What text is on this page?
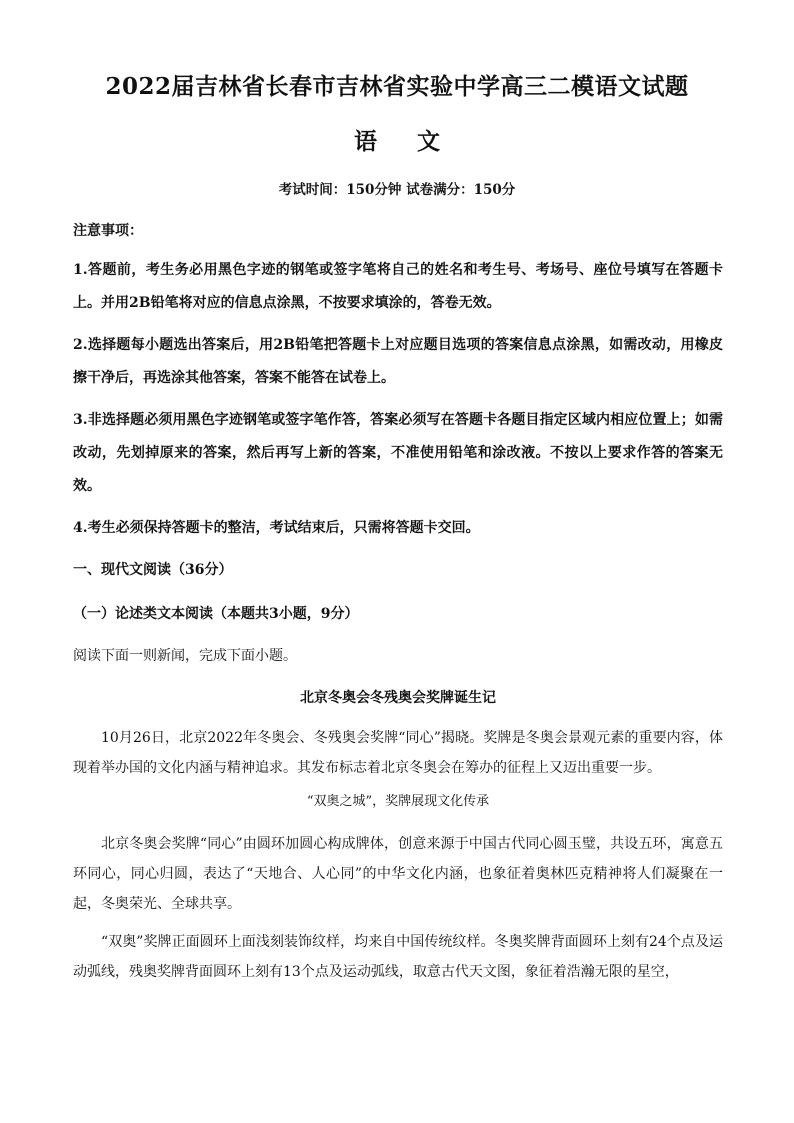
2022届吉林省长春市吉林省实验中学高三二模语文试题
语文
考试时间：150分钟 试卷满分：150分

注意事项：

1.答题前，考生务必用黑色字迹的钢笔或签字笔将自己的姓名和考生号、考场号、座位号填写在答题卡上。并用2B铅笔将对应的信息点涂黑，不按要求填涂的，答卷无效。

2.选择题每小题选出答案后，用2B铅笔把答题卡上对应题目选项的答案信息点涂黑，如需改动，用橡皮擦干净后，再选涂其他答案，答案不能答在试卷上。

3.非选择题必须用黑色字迹钢笔或签字笔作答，答案必须写在答题卡各题目指定区域内相应位置上；如需改动，先划掉原来的答案，然后再写上新的答案，不准使用铅笔和涂改液。不按以上要求作答的答案无效。

4.考生必须保持答题卡的整洁，考试结束后，只需将答题卡交回。

一、现代文阅读（36分）

（一）论述类文本阅读（本题共3小题，9分）

阅读下面一则新闻，完成下面小题。

北京冬奥会冬残奥会奖牌诞生记

10月26日，北京2022年冬奥会、冬残奥会奖牌“同心”揭晓。奖牌是冬奥会景观元素的重要内容，体现着举办国的文化内涵与精神追求。其发布标志着北京冬奥会在筹办的征程上又迈出重要一步。

“双奥之城”，奖牌展现文化传承

北京冬奥会奖牌“同心”由圆环加圆心构成牌体，创意来源于中国古代同心圆玉璧，共设五环，寓意五环同心，同心归圆，表达了“天地合、人心同”的中华文化内涵，也象征着奥林匹克精神将人们凝聚在一起，冬奥荣光、全球共享。

“双奥”奖牌正面圆环上面浅刻装饰纹样，均来自中国传统纹样。冬奥奖牌背面圆环上刻有24个点及运动弧线，残奥奖牌背面圆环上刻有13个点及运动弧线，取意古代天文图，象征着浩瀚无限的星空，
